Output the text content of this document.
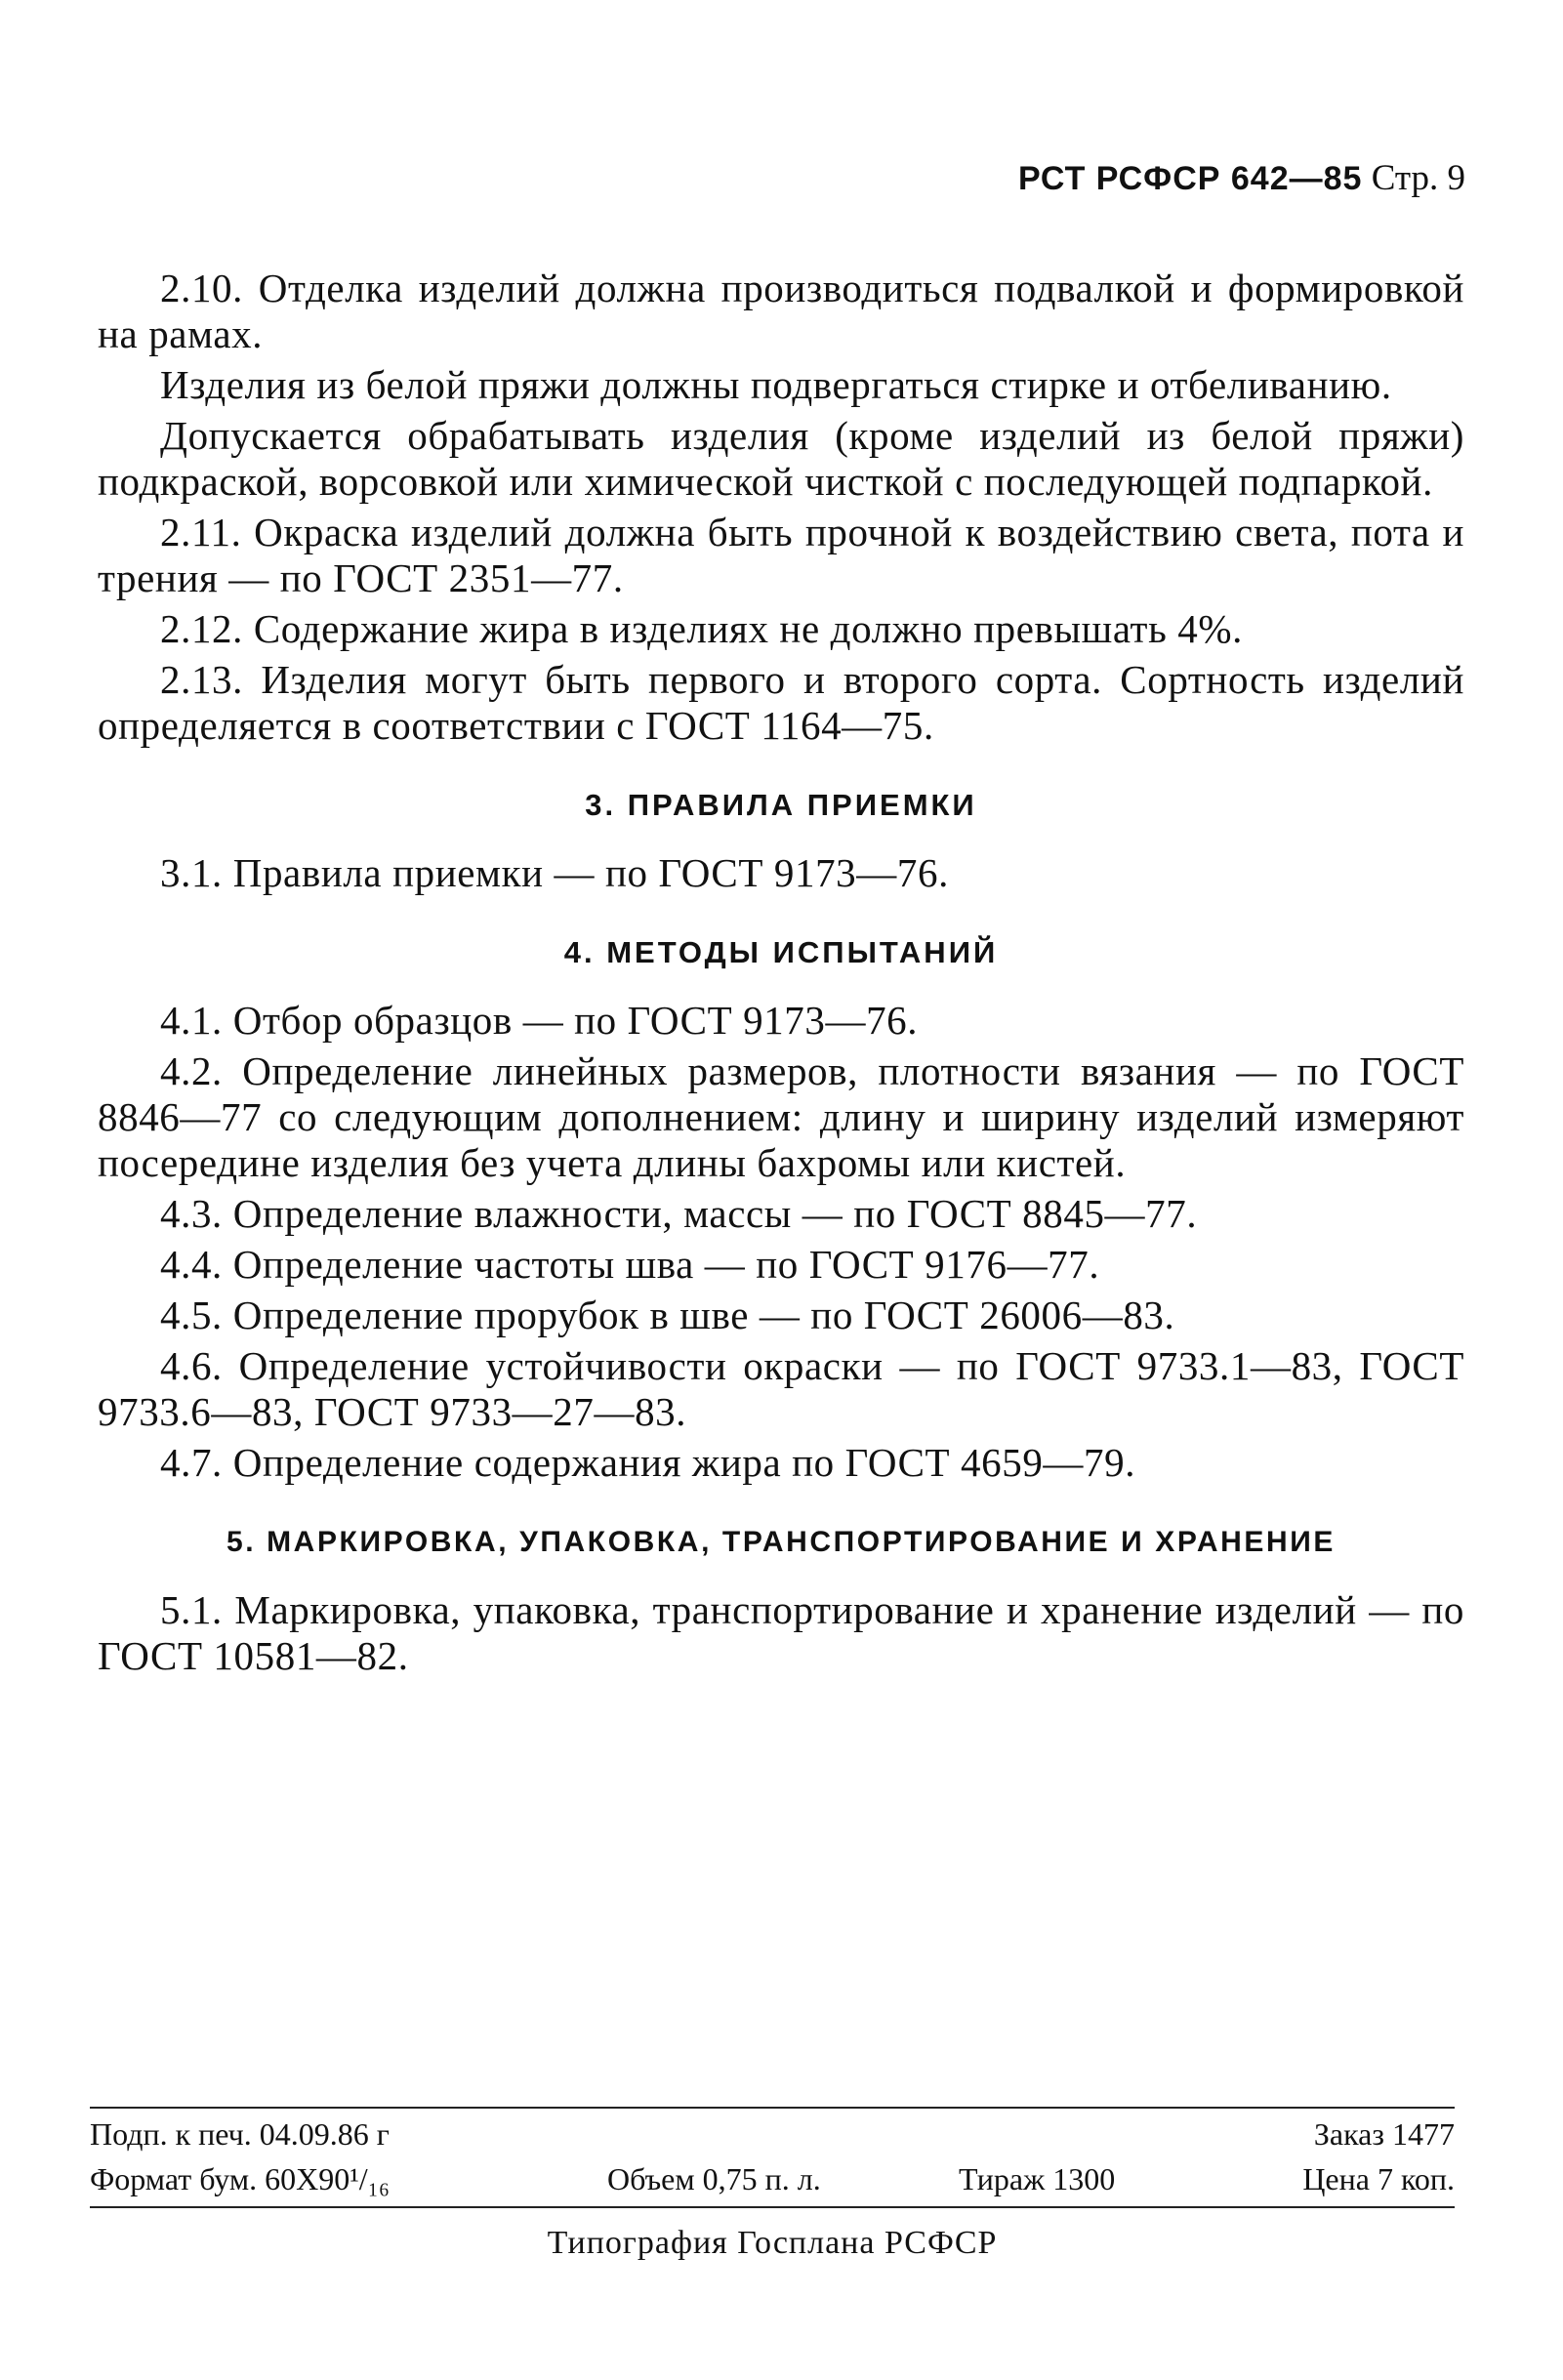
РСТ РСФСР 642—85 Стр. 9

2.10. Отделка изделий должна производиться подвалкой и формировкой на рамах.

Изделия из белой пряжи должны подвергаться стирке и отбеливанию.

Допускается обрабатывать изделия (кроме изделий из белой пряжи) подкраской, ворсовкой или химической чисткой с последующей подпаркой.

2.11. Окраска изделий должна быть прочной к воздействию света, пота и трения — по ГОСТ 2351—77.

2.12. Содержание жира в изделиях не должно превышать 4%.

2.13. Изделия могут быть первого и второго сорта. Сортность изделий определяется в соответствии с ГОСТ 1164—75.

3. ПРАВИЛА ПРИЕМКИ

3.1. Правила приемки — по ГОСТ 9173—76.

4. МЕТОДЫ ИСПЫТАНИЙ

4.1. Отбор образцов — по ГОСТ 9173—76.

4.2. Определение линейных размеров, плотности вязания — по ГОСТ 8846—77 со следующим дополнением: длину и ширину изделий измеряют посередине изделия без учета длины бахромы или кистей.

4.3. Определение влажности, массы — по ГОСТ 8845—77.

4.4. Определение частоты шва — по ГОСТ 9176—77.

4.5. Определение прорубок в шве — по ГОСТ 26006—83.

4.6. Определение устойчивости окраски — по ГОСТ 9733.1—83, ГОСТ 9733.6—83, ГОСТ 9733—27—83.

4.7. Определение содержания жира по ГОСТ 4659—79.

5. МАРКИРОВКА, УПАКОВКА, ТРАНСПОРТИРОВАНИЕ И ХРАНЕНИЕ

5.1. Маркировка, упаковка, транспортирование и хранение изделий — по ГОСТ 10581—82.

Подп. к печ. 04.09.86 г	Заказ 1477
Формат бум. 60Х90¹/₁₆	Объем 0,75 п. л.	Тираж 1300	Цена 7 коп.
Типография Госплана РСФСР
